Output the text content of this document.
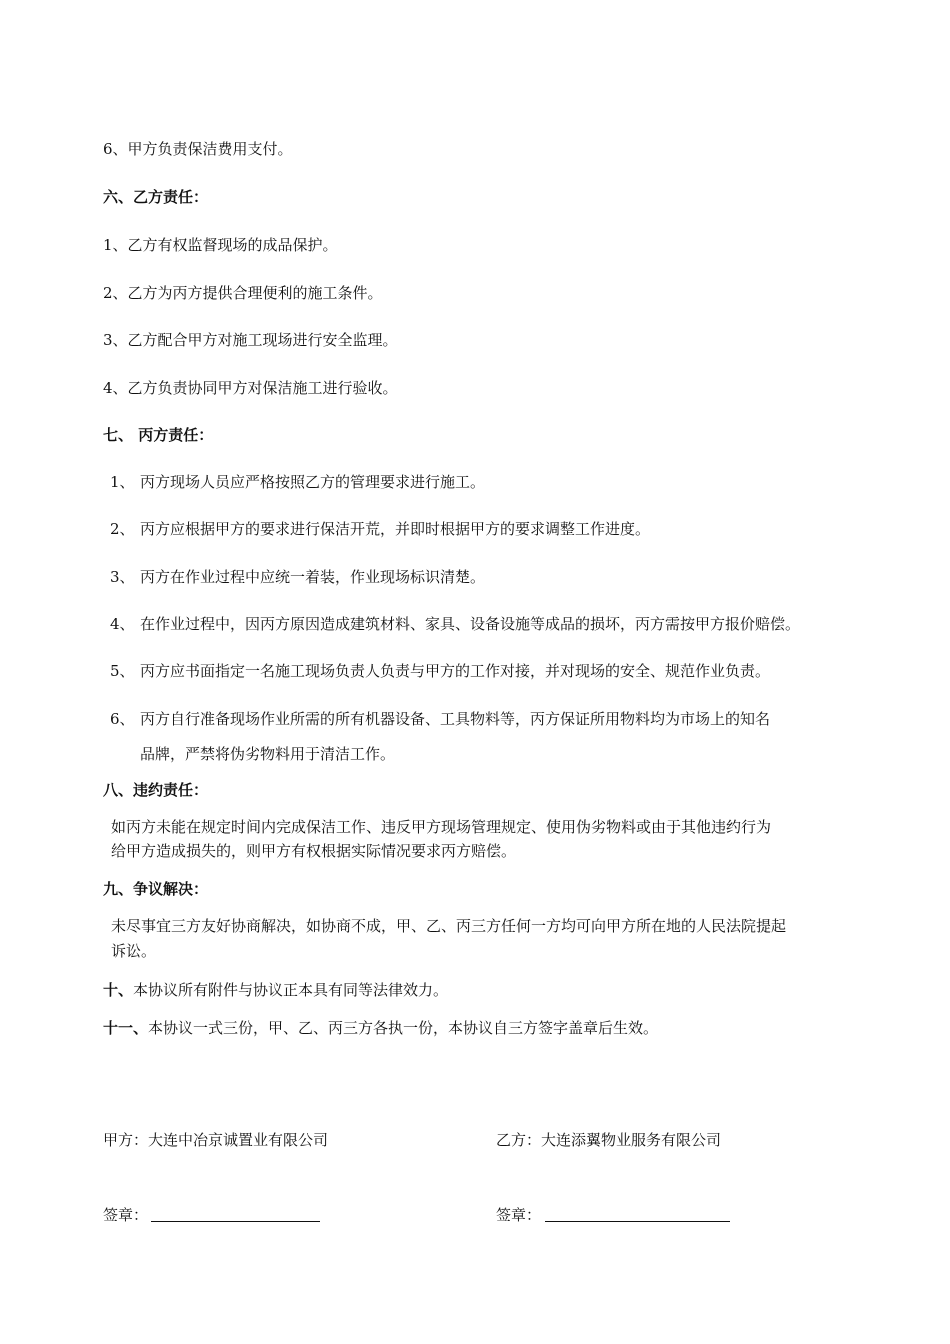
6、甲方负责保洁费用支付。
六、乙方责任：
1、乙方有权监督现场的成品保护。
2、乙方为丙方提供合理便利的施工条件。
3、乙方配合甲方对施工现场进行安全监理。
4、乙方负责协同甲方对保洁施工进行验收。
七、 丙方责任：
1、 丙方现场人员应严格按照乙方的管理要求进行施工。
2、 丙方应根据甲方的要求进行保洁开荒，并即时根据甲方的要求调整工作进度。
3、 丙方在作业过程中应统一着装，作业现场标识清楚。
4、 在作业过程中，因丙方原因造成建筑材料、家具、设备设施等成品的损坏，丙方需按甲方报价赔偿。
5、 丙方应书面指定一名施工现场负责人负责与甲方的工作对接，并对现场的安全、规范作业负责。
6、 丙方自行准备现场作业所需的所有机器设备、工具物料等，丙方保证所用物料均为市场上的知名
品牌，严禁将伪劣物料用于清洁工作。
八、违约责任：
如丙方未能在规定时间内完成保洁工作、违反甲方现场管理规定、使用伪劣物料或由于其他违约行为
给甲方造成损失的，则甲方有权根据实际情况要求丙方赔偿。
九、争议解决：
未尽事宜三方友好协商解决，如协商不成，甲、乙、丙三方任何一方均可向甲方所在地的人民法院提起
诉讼。
十、本协议所有附件与协议正本具有同等法律效力。
十一、本协议一式三份，甲、乙、丙三方各执一份，本协议自三方签字盖章后生效。
甲方：大连中冶京诚置业有限公司	乙方：大连添翼物业服务有限公司
签章：	签章：
